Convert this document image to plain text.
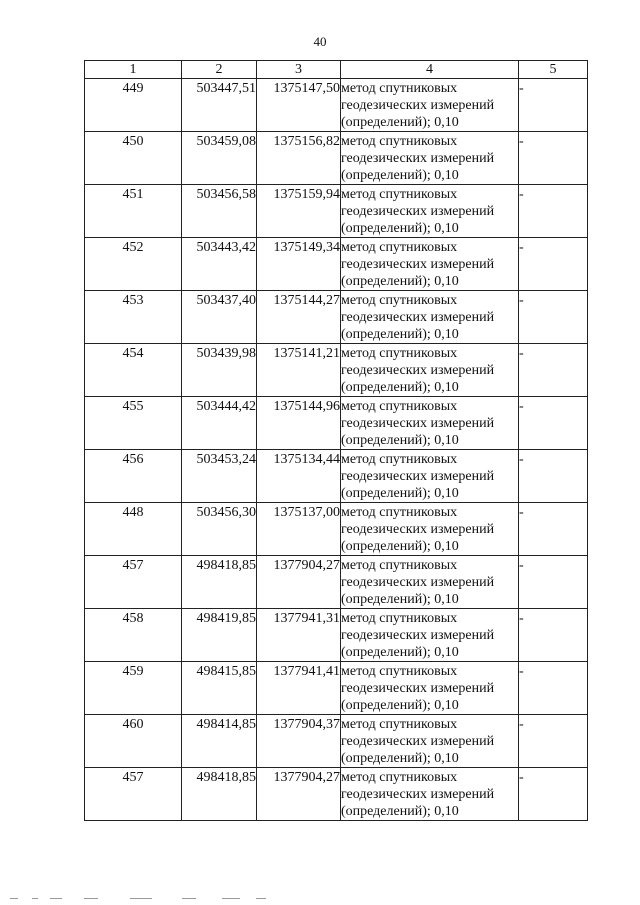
40
1	2	3	4	5
449	503447,51	1375147,50	метод спутниковых геодезических измерений (определений); 0,10	-
450	503459,08	1375156,82	метод спутниковых геодезических измерений (определений); 0,10	-
451	503456,58	1375159,94	метод спутниковых геодезических измерений (определений); 0,10	-
452	503443,42	1375149,34	метод спутниковых геодезических измерений (определений); 0,10	-
453	503437,40	1375144,27	метод спутниковых геодезических измерений (определений); 0,10	-
454	503439,98	1375141,21	метод спутниковых геодезических измерений (определений); 0,10	-
455	503444,42	1375144,96	метод спутниковых геодезических измерений (определений); 0,10	-
456	503453,24	1375134,44	метод спутниковых геодезических измерений (определений); 0,10	-
448	503456,30	1375137,00	метод спутниковых геодезических измерений (определений); 0,10	-
457	498418,85	1377904,27	метод спутниковых геодезических измерений (определений); 0,10	-
458	498419,85	1377941,31	метод спутниковых геодезических измерений (определений); 0,10	-
459	498415,85	1377941,41	метод спутниковых геодезических измерений (определений); 0,10	-
460	498414,85	1377904,37	метод спутниковых геодезических измерений (определений); 0,10	-
457	498418,85	1377904,27	метод спутниковых геодезических измерений (определений); 0,10	-
